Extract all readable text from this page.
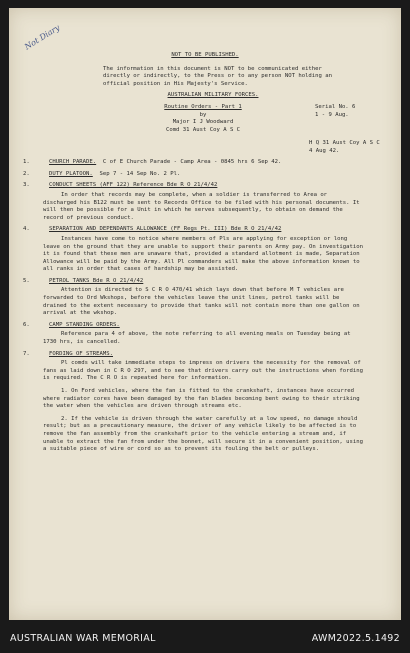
Not Diary
NOT TO BE PUBLISHED.
The information in this document is NOT to be communicated either directly or indirectly, to the Press or to any person NOT holding an official position in His Majesty's Service.
AUSTRALIAN MILITARY FORCES.
Routine Orders - Part 1
by
Major I J Woodward
Comd 31 Aust Coy A S C
Serial No. 6
1 - 9 Aug.
H Q 31 Aust Coy A S C
4 Aug 42.
1.	CHURCH PARADE. C of E Church Parade - Camp Area - 0845 hrs 6 Sep 42.
2.	DUTY PLATOON. Sep 7 - 14 Sep No. 2 Pl.
3.	CONDUCT SHEETS (AFF 122) Reference Bde R O 21/4/42
In order that records may be complete, when a soldier is transferred to Area or discharged his B122 must be sent to Records Office to be filed with his personal documents. It will then be possible for a Unit in which he serves subsequently, to obtain on demand the record of previous conduct.
4.	SEPARATION AND DEPENDANTS ALLOWANCE (FF Regs Pt. III) Bde R O 21/4/42
Instances have come to notice where members of Pls are applying for exception or long leave on the ground that they are unable to support their parents on Army pay. On investigation it is found that these men are unaware that, provided a standard allotment is made, Separation Allowance will be paid by the Army. All Pl commanders will make the above information known to all ranks in order that cases of hardship may be assisted.
5.	PETROL TANKS Bde R O 21/4/42
Attention is directed to S C R O 470/41 which lays down that before M T vehicles are forwarded to Ord Wkshops, before the vehicles leave the unit lines, petrol tanks will be drained to the extent necessary to provide that tanks will not contain more than one gallon on arrival at the wkshop.
6.	CAMP STANDING ORDERS.
Reference para 4 of above, the note referring to all evening meals on Tuesday being at 1730 hrs, is cancelled.
7.	FORDING OF STREAMS.
Pl comds will take immediate steps to impress on drivers the necessity for the removal of fans as laid down in C R O 297, and to see that drivers carry out the instructions when fording is required. The C R O is repeated here for information.
1. On Ford vehicles, where the fan is fitted to the crankshaft, instances have occurred where radiator cores have been damaged by the fan blades becoming bent owing to their striking the water when the vehicles are driven through streams etc.
2. If the vehicle is driven through the water carefully at a low speed, no damage should result; but as a precautionary measure, the driver of any vehicle likely to be affected is to remove the fan assembly from the crankshaft prior to the vehicle entering a stream and, if unable to extract the fan from under the bonnet, will secure it in a convenient position, using a suitable piece of wire or cord so as to prevent its fouling the belt or pulleys.
AUSTRALIAN WAR MEMORIAL	AWM2022.5.1492
